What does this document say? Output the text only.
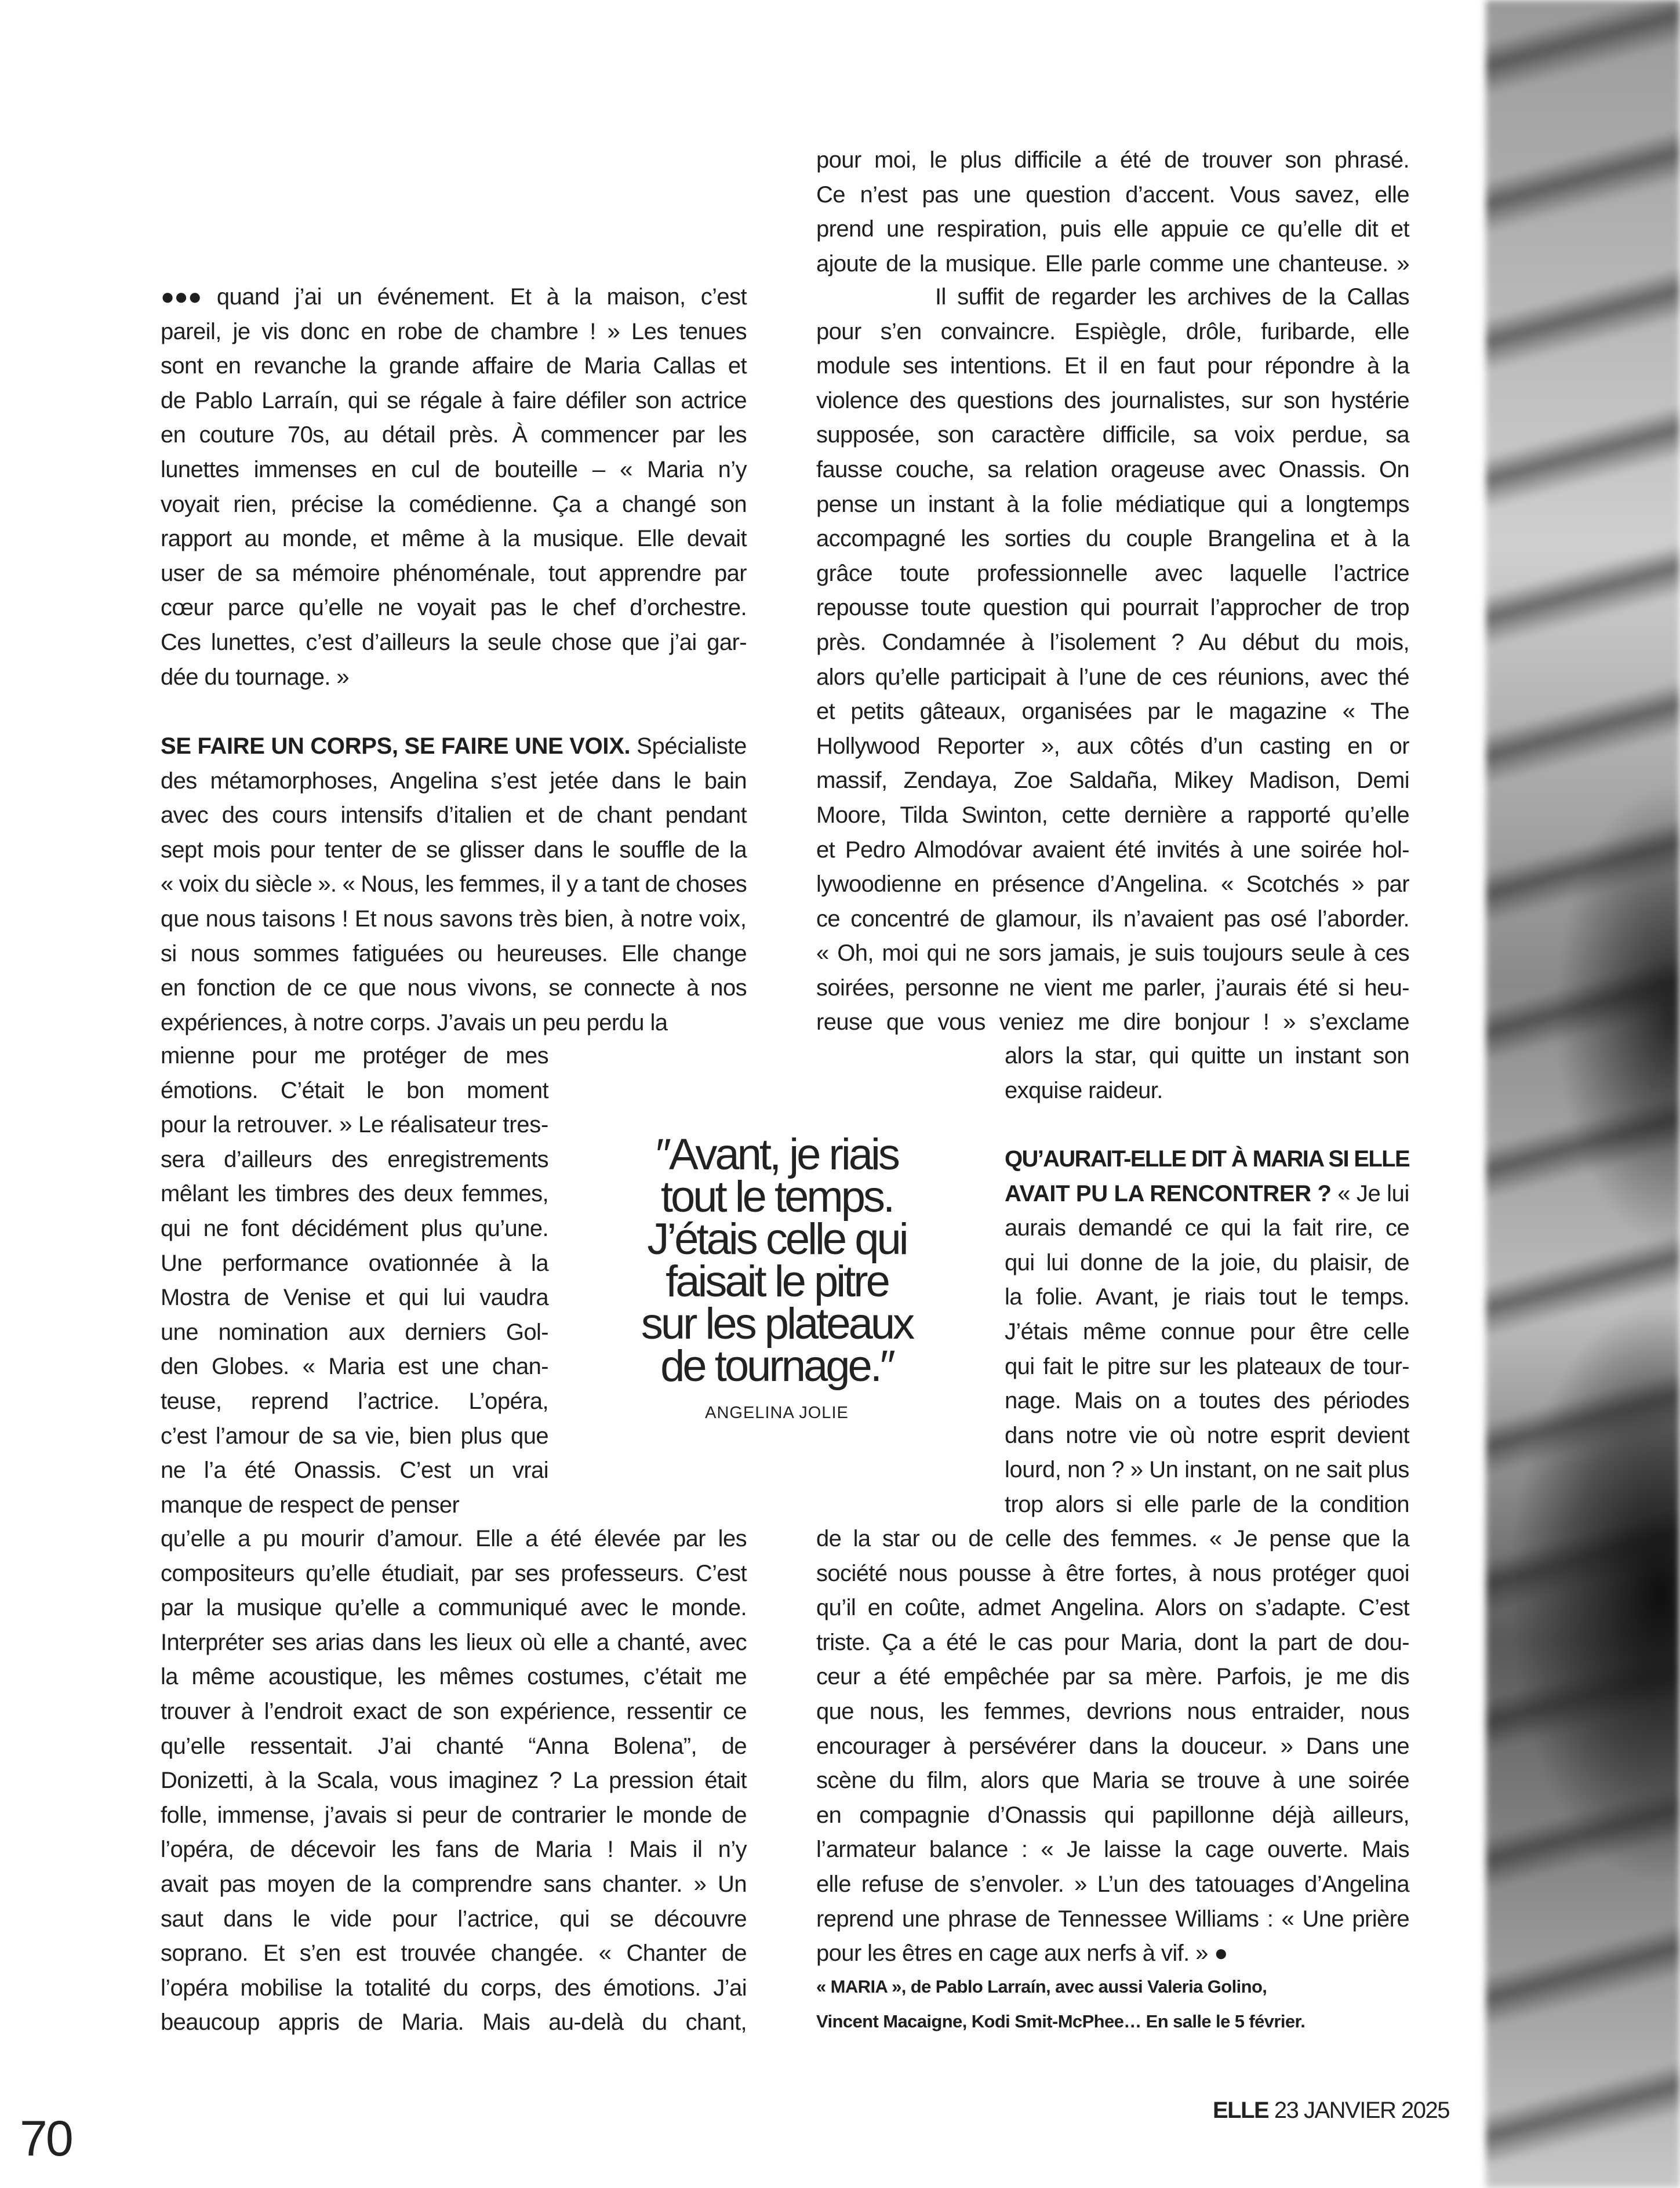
●●● quand j’ai un événement. Et à la maison, c’est
pareil, je vis donc en robe de chambre ! » Les tenues
sont en revanche la grande affaire de Maria Callas et
de Pablo Larraín, qui se régale à faire défiler son actrice
en couture 70s, au détail près. À commencer par les
lunettes immenses en cul de bouteille – « Maria n’y
voyait rien, précise la comédienne. Ça a changé son
rapport au monde, et même à la musique. Elle devait
user de sa mémoire phénoménale, tout apprendre par
cœur parce qu’elle ne voyait pas le chef d’orchestre.
Ces lunettes, c’est d’ailleurs la seule chose que j’ai gar-
dée du tournage. »
SE FAIRE UN CORPS, SE FAIRE UNE VOIX. Spécialiste
des métamorphoses, Angelina s’est jetée dans le bain
avec des cours intensifs d’italien et de chant pendant
sept mois pour tenter de se glisser dans le souffle de la
« voix du siècle ». « Nous, les femmes, il y a tant de choses
que nous taisons ! Et nous savons très bien, à notre voix,
si nous sommes fatiguées ou heureuses. Elle change
en fonction de ce que nous vivons, se connecte à nos
expériences, à notre corps. J’avais un peu perdu la
mienne pour me protéger de mes
émotions. C’était le bon moment
pour la retrouver. » Le réalisateur tres-
sera d’ailleurs des enregistrements
mêlant les timbres des deux femmes,
qui ne font décidément plus qu’une.
Une performance ovationnée à la
Mostra de Venise et qui lui vaudra
une nomination aux derniers Gol-
den Globes. « Maria est une chan-
teuse, reprend l’actrice. L’opéra,
c’est l’amour de sa vie, bien plus que
ne l’a été Onassis. C’est un vrai
manque de respect de penser
qu’elle a pu mourir d’amour. Elle a été élevée par les
compositeurs qu’elle étudiait, par ses professeurs. C’est
par la musique qu’elle a communiqué avec le monde.
Interpréter ses arias dans les lieux où elle a chanté, avec
la même acoustique, les mêmes costumes, c’était me
trouver à l’endroit exact de son expérience, ressentir ce
qu’elle ressentait. J’ai chanté “Anna Bolena”, de
Donizetti, à la Scala, vous imaginez ? La pression était
folle, immense, j’avais si peur de contrarier le monde de
l’opéra, de décevoir les fans de Maria ! Mais il n’y
avait pas moyen de la comprendre sans chanter. » Un
saut dans le vide pour l’actrice, qui se découvre
soprano. Et s’en est trouvée changée. « Chanter de
l’opéra mobilise la totalité du corps, des émotions. J’ai
beaucoup appris de Maria. Mais au-delà du chant,
pour moi, le plus difficile a été de trouver son phrasé.
Ce n’est pas une question d’accent. Vous savez, elle
prend une respiration, puis elle appuie ce qu’elle dit et
ajoute de la musique. Elle parle comme une chanteuse. »
Il suffit de regarder les archives de la Callas
pour s’en convaincre. Espiègle, drôle, furibarde, elle
module ses intentions. Et il en faut pour répondre à la
violence des questions des journalistes, sur son hystérie
supposée, son caractère difficile, sa voix perdue, sa
fausse couche, sa relation orageuse avec Onassis. On
pense un instant à la folie médiatique qui a longtemps
accompagné les sorties du couple Brangelina et à la
grâce toute professionnelle avec laquelle l’actrice
repousse toute question qui pourrait l’approcher de trop
près. Condamnée à l’isolement ? Au début du mois,
alors qu’elle participait à l’une de ces réunions, avec thé
et petits gâteaux, organisées par le magazine « The
Hollywood Reporter », aux côtés d’un casting en or
massif, Zendaya, Zoe Saldaña, Mikey Madison, Demi
Moore, Tilda Swinton, cette dernière a rapporté qu’elle
et Pedro Almodóvar avaient été invités à une soirée hol-
lywoodienne en présence d’Angelina. « Scotchés » par
ce concentré de glamour, ils n’avaient pas osé l’aborder.
« Oh, moi qui ne sors jamais, je suis toujours seule à ces
soirées, personne ne vient me parler, j’aurais été si heu-
reuse que vous veniez me dire bonjour ! » s’exclame
alors la star, qui quitte un instant son
exquise raideur.
QU’AURAIT-ELLE DIT À MARIA SI ELLE
AVAIT PU LA RENCONTRER ? « Je lui
aurais demandé ce qui la fait rire, ce
qui lui donne de la joie, du plaisir, de
la folie. Avant, je riais tout le temps.
J’étais même connue pour être celle
qui fait le pitre sur les plateaux de tour-
nage. Mais on a toutes des périodes
dans notre vie où notre esprit devient
lourd, non ? » Un instant, on ne sait plus
trop alors si elle parle de la condition
de la star ou de celle des femmes. « Je pense que la
société nous pousse à être fortes, à nous protéger quoi
qu’il en coûte, admet Angelina. Alors on s’adapte. C’est
triste. Ça a été le cas pour Maria, dont la part de dou-
ceur a été empêchée par sa mère. Parfois, je me dis
que nous, les femmes, devrions nous entraider, nous
encourager à persévérer dans la douceur. » Dans une
scène du film, alors que Maria se trouve à une soirée
en compagnie d’Onassis qui papillonne déjà ailleurs,
l’armateur balance : « Je laisse la cage ouverte. Mais
elle refuse de s’envoler. » L’un des tatouages d’Angelina
reprend une phrase de Tennessee Williams : « Une prière
pour les êtres en cage aux nerfs à vif. » ●
« MARIA », de Pablo Larraín, avec aussi Valeria Golino,
Vincent Macaigne, Kodi Smit-McPhee… En salle le 5 février.
″Avant, je riais
tout le temps.
J’étais celle qui
faisait le pitre
sur les plateaux
de tournage.″
ANGELINA JOLIE
70
ELLE 23 JANVIER 2025
